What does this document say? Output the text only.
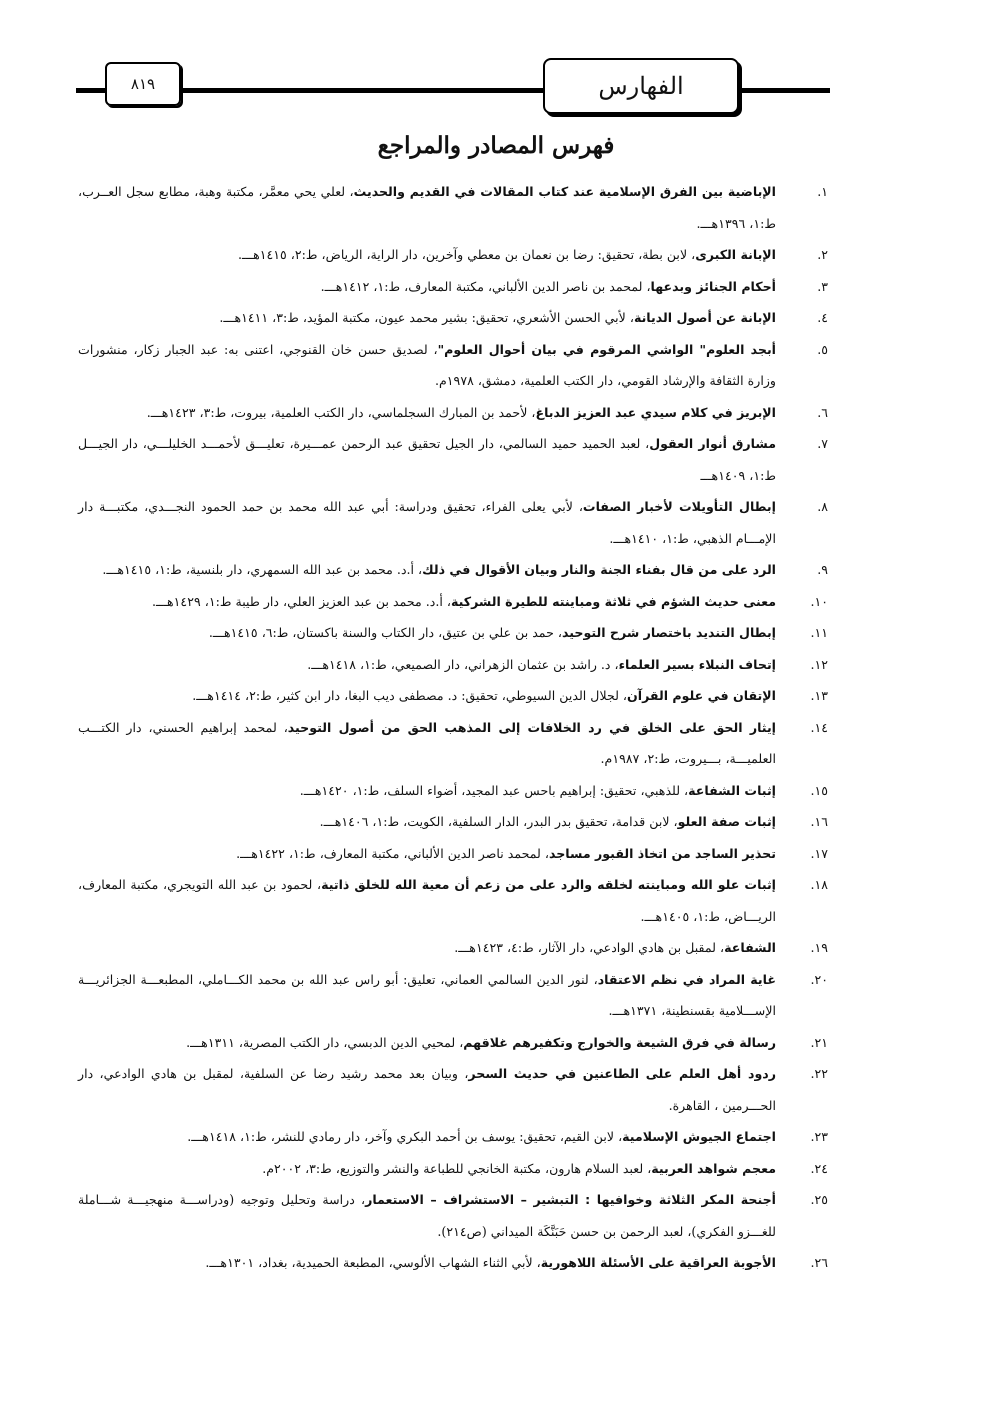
٨١٩	الفهارس
فهرس المصادر والمراجع
١.
الإباضية بين الفرق الإسلامية عند كتاب المقالات في القديم والحديث، لعلي يحي معمَّر، مكتبة وهبة، مطابع سجل العــرب، ط:١، ١٣٩٦هـــ.
٢.
الإبانة الكبرى، لابن بطة، تحقيق: رضا بن نعمان بن معطي وآخرين، دار الراية، الرياض، ط:٢، ١٤١٥هـــ.
٣.
أحكام الجنائز وبدعها، لمحمد بن ناصر الدين الألباني، مكتبة المعارف، ط:١، ١٤١٢هـــ.
٤.
الإبانة عن أصول الديانة، لأبي الحسن الأشعري، تحقيق: بشير محمد عيون، مكتبة المؤيد، ط:٣، ١٤١١هـــ.
٥.
أبجد العلوم" الواشي المرقوم في بيان أحوال العلوم"، لصديق حسن خان القنوجي، اعتنى به: عبد الجبار زكار، منشورات وزارة الثقافة والإرشاد القومي، دار الكتب العلمية، دمشق، ١٩٧٨م.
٦.
الإبريز في كلام سيدي عبد العزيز الدباغ، لأحمد بن المبارك السجلماسي، دار الكتب العلمية، بيروت، ط:٣، ١٤٢٣هـــ.
٧.
مشارق أنوار العقول، لعبد الحميد حميد السالمي، دار الجيل تحقيق عبد الرحمن عمـــيرة، تعليـــق لأحمـــد الخليلـــي، دار الجيـــل ط:١، ١٤٠٩هـــ
٨.
إبطال التأويلات لأخبار الصفات، لأبي يعلى الفراء، تحقيق ودراسة: أبي عبد الله محمد بن حمد الحمود النجـــدي، مكتبـــة دار الإمـــام الذهبي، ط:١، ١٤١٠هـــ.
٩.
الرد على من قال بفناء الجنة والنار وبيان الأقوال في ذلك، أ.د. محمد بن عبد الله السمهري، دار بلنسية، ط:١، ١٤١٥هـــ.
١٠.
معنى حديث الشؤم في ثلاثة ومباينته للطيرة الشركية، أ.د. محمد بن عبد العزيز العلي، دار طيبة ط:١، ١٤٢٩هـــ.
١١.
إبطال التنديد باختصار شرح التوحيد، حمد بن علي بن عتيق، دار الكتاب والسنة باكستان، ط:٦، ١٤١٥هـــ.
١٢.
إتحاف النبلاء بسير العلماء، د. راشد بن عثمان الزهراني، دار الصميعي، ط:١، ١٤١٨هـــ.
١٣.
الإتقان في علوم القرآن، لجلال الدين السيوطي، تحقيق: د. مصطفى ديب البغا، دار ابن كثير، ط:٢، ١٤١٤هـــ.
١٤.
إيثار الحق على الخلق في رد الخلافات إلى المذهب الحق من أصول التوحيد، لمحمد إبراهيم الحسني، دار الكتـــب العلميـــة، بـــيروت، ط:٢، ١٩٨٧م.
١٥.
إثبات الشفاعة، للذهبي، تحقيق: إبراهيم باحس عبد المجيد، أضواء السلف، ط:١، ١٤٢٠هـــ.
١٦.
إثبات صفة العلو، لابن قدامة، تحقيق بدر البدر، الدار السلفية، الكويت، ط:١، ١٤٠٦هـــ.
١٧.
تحذير الساجد من اتخاذ القبور مساجد، لمحمد ناصر الدين الألباني، مكتبة المعارف، ط:١، ١٤٢٢هـــ.
١٨.
إثبات علو الله ومباينته لخلقه والرد على من زعم أن معية الله للخلق ذاتية، لحمود بن عبد الله التويجري، مكتبة المعارف، الريـــاض، ط:١، ١٤٠٥هـــ.
١٩.
الشفاعة، لمقبل بن هادي الوادعي، دار الآثار، ط:٤، ١٤٢٣هـــ.
٢٠.
غاية المراد في نظم الاعتقاد، لنور الدين السالمي العماني، تعليق: أبو راس عبد الله بن محمد الكـــاملي، المطبعـــة الجزائريـــة الإســـلامية بقسنطينة، ١٣٧١هـــ.
٢١.
رسالة في فرق الشيعة والخوارج وتكفيرهم غلاقهم، لمحيي الدين الدبسي، دار الكتب المصرية، ١٣١١هـــ.
٢٢.
ردود أهل العلم على الطاعنين في حديث السحر، وبيان بعد محمد رشيد رضا عن السلفية، لمقبل بن هادي الوادعي، دار الحـــرمين ، القاهرة.
٢٣.
اجتماع الجيوش الإسلامية، لابن القيم، تحقيق: يوسف بن أحمد البكري وآخر، دار رمادي للنشر، ط:١، ١٤١٨هـــ.
٢٤.
معجم شواهد العربية، لعبد السلام هارون، مكتبة الخانجي للطباعة والنشر والتوزيع، ط:٣، ٢٠٠٢م.
٢٥.
أجنحة المكر الثلاثة وخوافيها : التبشير – الاستشراف – الاستعمار، دراسة وتحليل وتوجيه (ودراســـة منهجيـــة شـــاملة للغـــزو الفكري)، لعبد الرحمن بن حسن حَبَنَّكَة الميداني (ص٢١٤).
٢٦.
الأجوبة العراقية على الأسئلة اللاهورية، لأبي الثناء الشهاب الألوسي، المطبعة الحميدية، بغداد، ١٣٠١هـــ.
